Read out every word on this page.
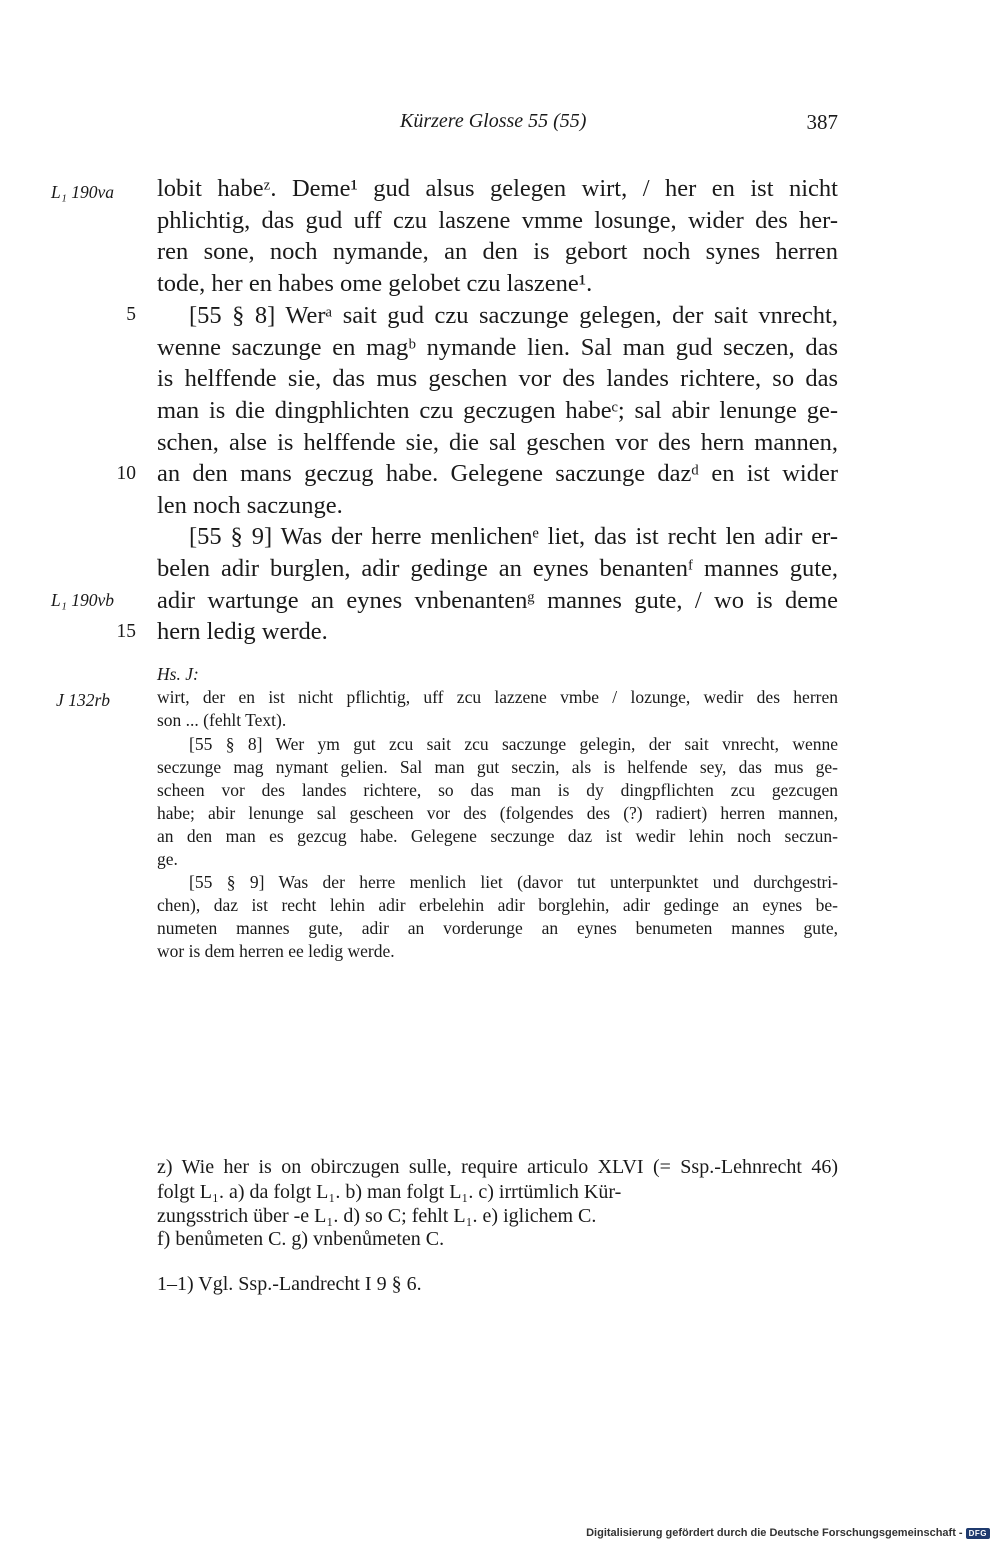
Kürzere Glosse 55 (55)	387
L₁ 190va
L₁ 190vb
J 132rb
5
10
15
lobit habeᶻ. Deme¹ gud alsus gelegen wirt, / her en ist nicht
phlichtig, das gud uff czu laszene vmme losunge, wider des her-
ren sone, noch nymande, an den is gebort noch synes herren
tode, her en habes ome gelobet czu laszene¹.
[55 § 8] Werᵃ sait gud czu saczunge gelegen, der sait vnrecht,
wenne saczunge en magᵇ nymande lien. Sal man gud seczen, das
is helffende sie, das mus geschen vor des landes richtere, so das
man is die dingphlichten czu geczugen habeᶜ; sal abir lenunge ge-
schen, alse is helffende sie, die sal geschen vor des hern mannen,
an den mans geczug habe. Gelegene saczunge dazᵈ en ist wider
len noch saczunge.
[55 § 9] Was der herre menlichenᵉ liet, das ist recht len adir er-
belen adir burglen, adir gedinge an eynes benantenᶠ mannes gute,
adir wartunge an eynes vnbenantenᵍ mannes gute, / wo is deme
hern ledig werde.
Hs. J:
wirt, der en ist nicht pflichtig, uff zcu lazzene vmbe / lozunge, wedir des herren
son ... (fehlt Text).
[55 § 8] Wer ym gut zcu sait zcu saczunge gelegin, der sait vnrecht, wenne
seczunge mag nymant gelien. Sal man gut seczin, als is helfende sey, das mus ge-
scheen vor des landes richtere, so das man is dy dingpflichten zcu gezcugen
habe; abir lenunge sal gescheen vor des (folgendes des (?) radiert) herren mannen,
an den man es gezcug habe. Gelegene seczunge daz ist wedir lehin noch seczun-
ge.
[55 § 9] Was der herre menlich liet (davor tut unterpunktet und durchgestri-
chen), daz ist recht lehin adir erbelehin adir borglehin, adir gedinge an eynes be-
numeten mannes gute, adir an vorderunge an eynes benumeten mannes gute,
wor is dem herren ee ledig werde.
z) Wie her is on obirczugen sulle, require articulo XLVI (= Ssp.-Lehnrecht 46)
folgt L₁. a) da folgt L₁. b) man folgt L₁. c) irrtümlich Kür-
zungsstrich über -e L₁. d) so C; fehlt L₁. e) iglichem C.
f) benůmeten C. g) vnbenůmeten C.
1–1) Vgl. Ssp.-Landrecht I 9 § 6.
Digitalisierung gefördert durch die Deutsche Forschungsgemeinschaft - DFG
